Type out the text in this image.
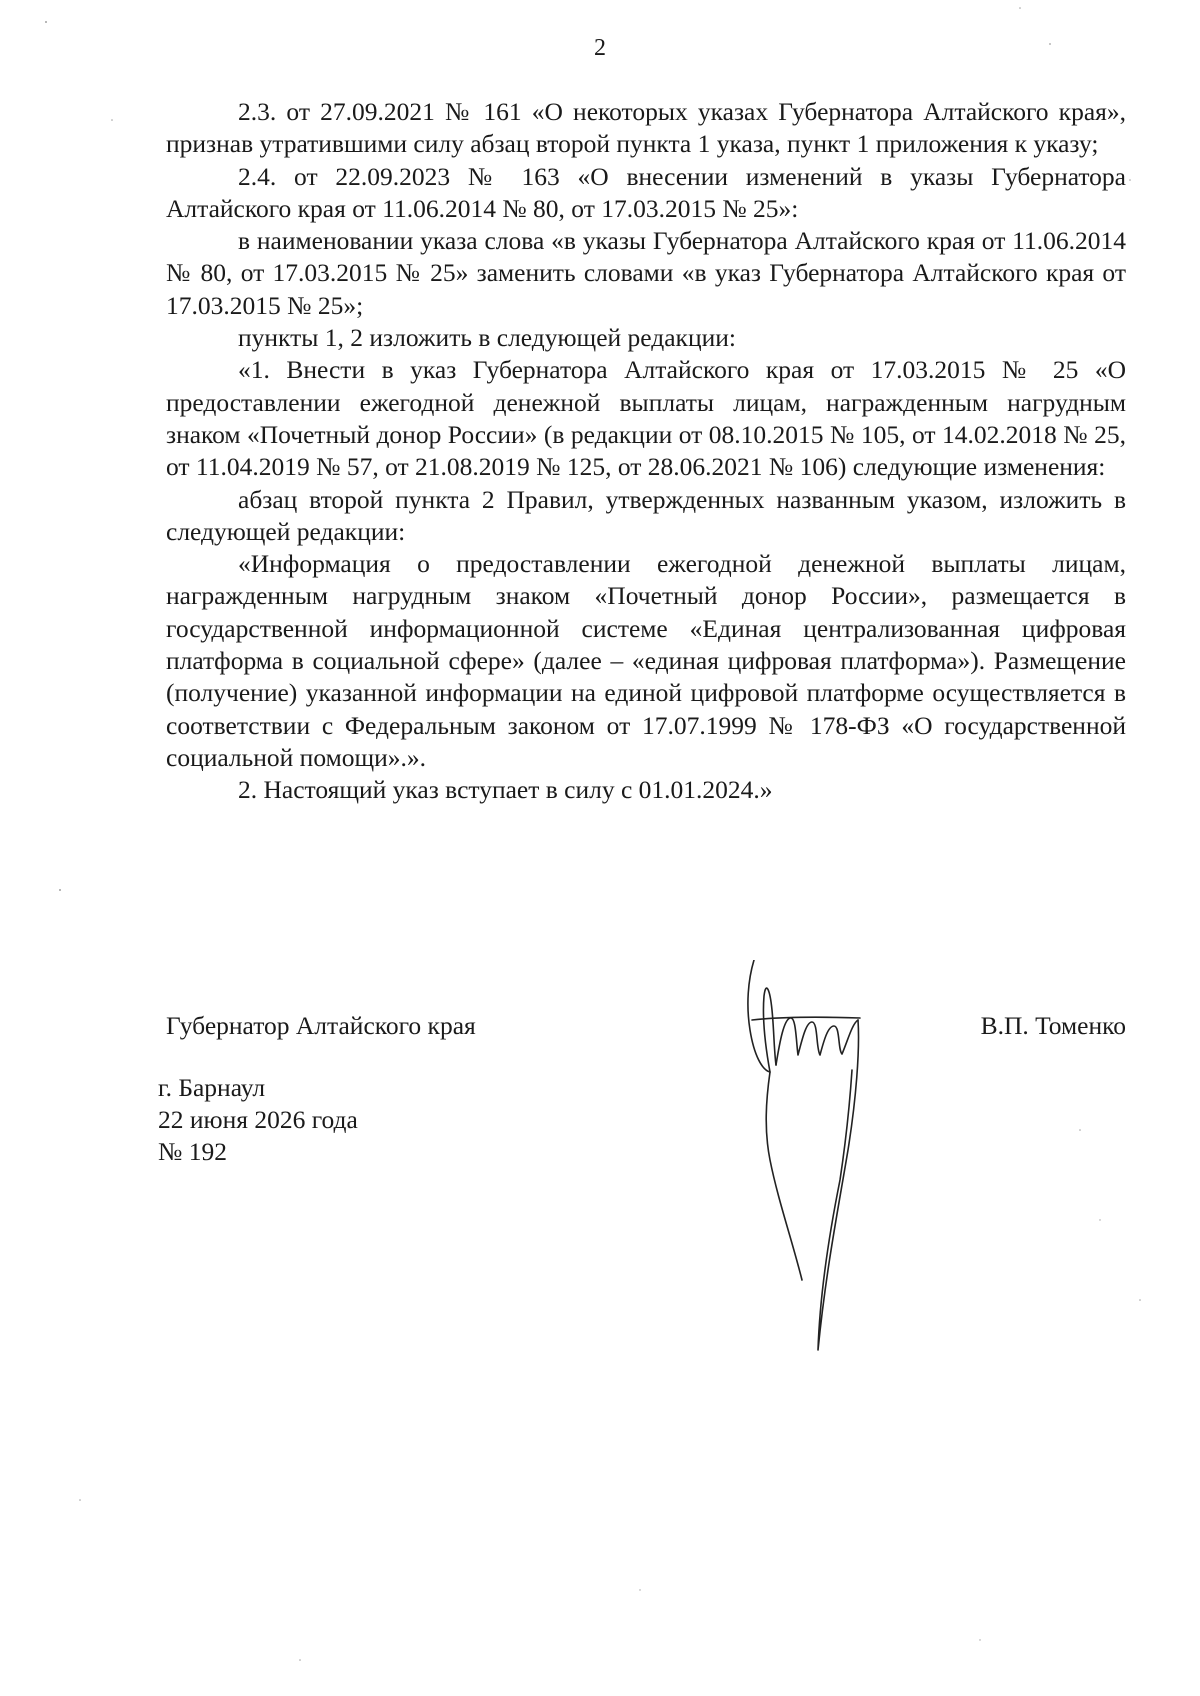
2

2.3. от 27.09.2021 № 161 «О некоторых указах Губернатора Алтайского края», признав утратившими силу абзац второй пункта 1 указа, пункт 1 приложения к указу;

2.4. от 22.09.2023 № 163 «О внесении изменений в указы Губернатора Алтайского края от 11.06.2014 № 80, от 17.03.2015 № 25»:

в наименовании указа слова «в указы Губернатора Алтайского края от 11.06.2014 № 80, от 17.03.2015 № 25» заменить словами «в указ Губернатора Алтайского края от 17.03.2015 № 25»;

пункты 1, 2 изложить в следующей редакции:

«1. Внести в указ Губернатора Алтайского края от 17.03.2015 № 25 «О предоставлении ежегодной денежной выплаты лицам, награжденным нагрудным знаком «Почетный донор России» (в редакции от 08.10.2015 № 105, от 14.02.2018 № 25, от 11.04.2019 № 57, от 21.08.2019 № 125, от 28.06.2021 № 106) следующие изменения:

абзац второй пункта 2 Правил, утвержденных названным указом, изложить в следующей редакции:

«Информация о предоставлении ежегодной денежной выплаты лицам, награжденным нагрудным знаком «Почетный донор России», размещается в государственной информационной системе «Единая централизованная цифровая платформа в социальной сфере» (далее – «единая цифровая платформа»). Размещение (получение) указанной информации на единой цифровой платформе осуществляется в соответствии с Федеральным законом от 17.07.1999 № 178-ФЗ «О государственной социальной помощи».».

2. Настоящий указ вступает в силу с 01.01.2024.»

Губернатор Алтайского края	В.П. Томенко
г. Барнаул
22 июня 2026 года
№ 192
